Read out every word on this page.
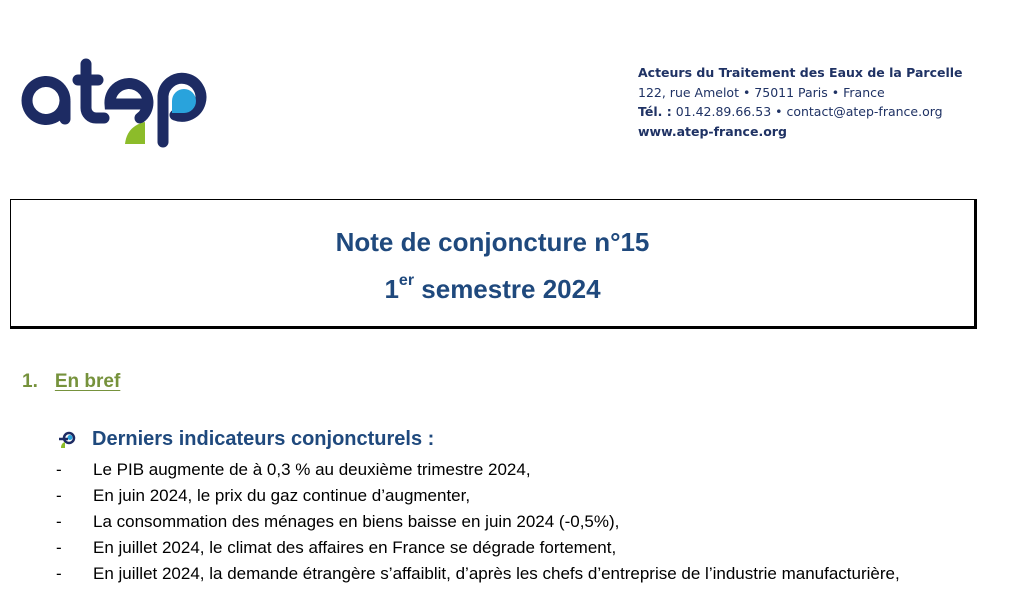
Acteurs du Traitement des Eaux de la Parcelle
122, rue Amelot • 75011 Paris • France
Tél. : 01.42.89.66.53 • contact@atep-france.org
www.atep-france.org
Note de conjoncture n°15
1er semestre 2024
1. En bref
Derniers indicateurs conjoncturels :
-	Le PIB augmente de à 0,3 % au deuxième trimestre 2024,
-	En juin 2024, le prix du gaz continue d’augmenter,
-	La consommation des ménages en biens baisse en juin 2024 (-0,5%),
-	En juillet 2024, le climat des affaires en France se dégrade fortement,
-	En juillet 2024, la demande étrangère s’affaiblit, d’après les chefs d’entreprise de l’industrie manufacturière,
